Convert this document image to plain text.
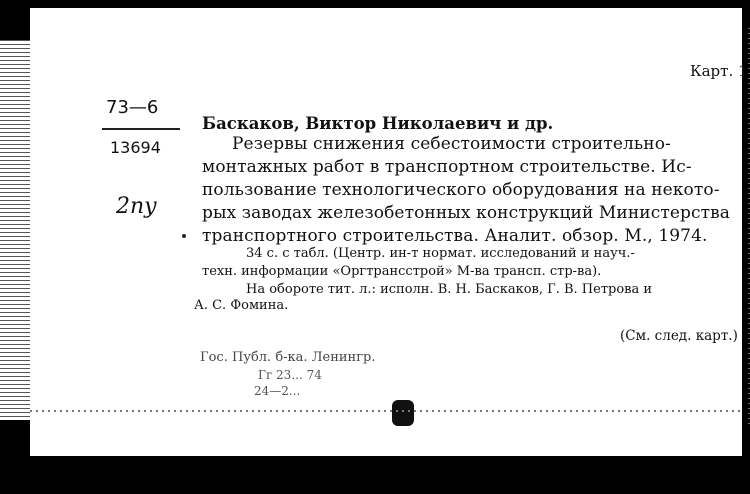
Карт. 1
73—6
13694
2ny
Баскаков, Виктор Николаевич и др.
Резервы снижения себестоимости строительно-
монтажных работ в транспортном строительстве. Ис-
пользование технологического оборудования на некото-
рых заводах железобетонных конструкций Министерства
транспортного строительства. Аналит. обзор. М., 1974.
34 с. с табл. (Центр. ин-т нормат. исследований и науч.-
техн. информации «Оргтрансстрой» М-ва трансп. стр-ва).
На обороте тит. л.: исполн. В. Н. Баскаков, Г. В. Петрова и
А. С. Фомина.
(См. след. карт.)
Гос. Публ. б-ка. Ленингр.
Гг 23... 74
24—2...
